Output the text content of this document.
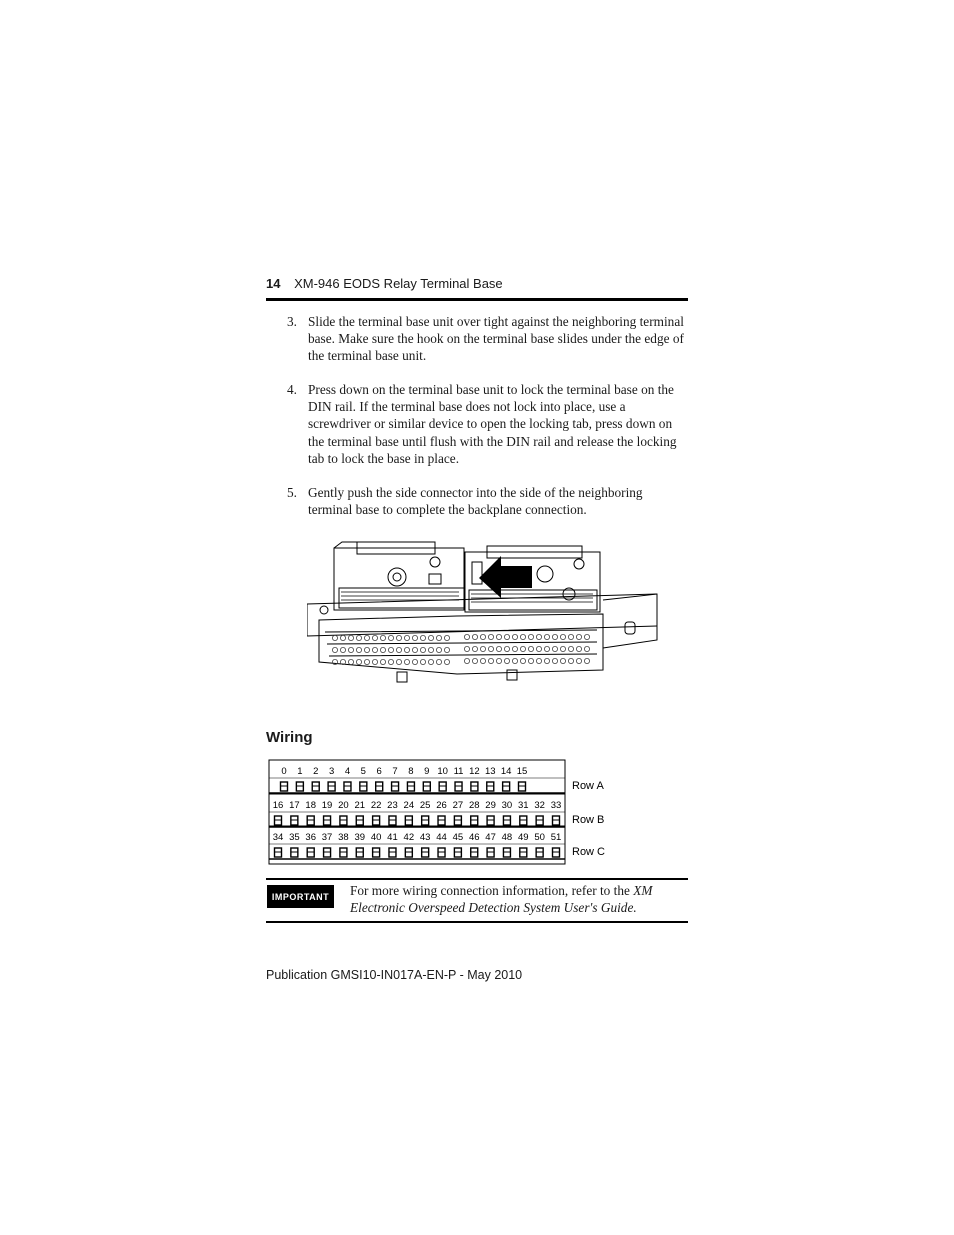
14 XM-946 EODS Relay Terminal Base
3. Slide the terminal base unit over tight against the neighboring terminal base. Make sure the hook on the terminal base slides under the edge of the terminal base unit.
4. Press down on the terminal base unit to lock the terminal base on the DIN rail. If the terminal base does not lock into place, use a screwdriver or similar device to open the locking tab, press down on the terminal base until flush with the DIN rail and release the locking tab to lock the base in place.
5. Gently push the side connector into the side of the neighboring terminal base to complete the backplane connection.
Wiring
0 1 2 3 4 5 6 7 8 9 10 11 12 13 14 15
Row A
16 17 18 19 20 21 22 23 24 25 26 27 28 29 30 31 32 33
Row B
34 35 36 37 38 39 40 41 42 43 44 45 46 47 48 49 50 51
Row C
IMPORTANT	For more wiring connection information, refer to the XM Electronic Overspeed Detection System User's Guide.
Publication GMSI10-IN017A-EN-P - May 2010
